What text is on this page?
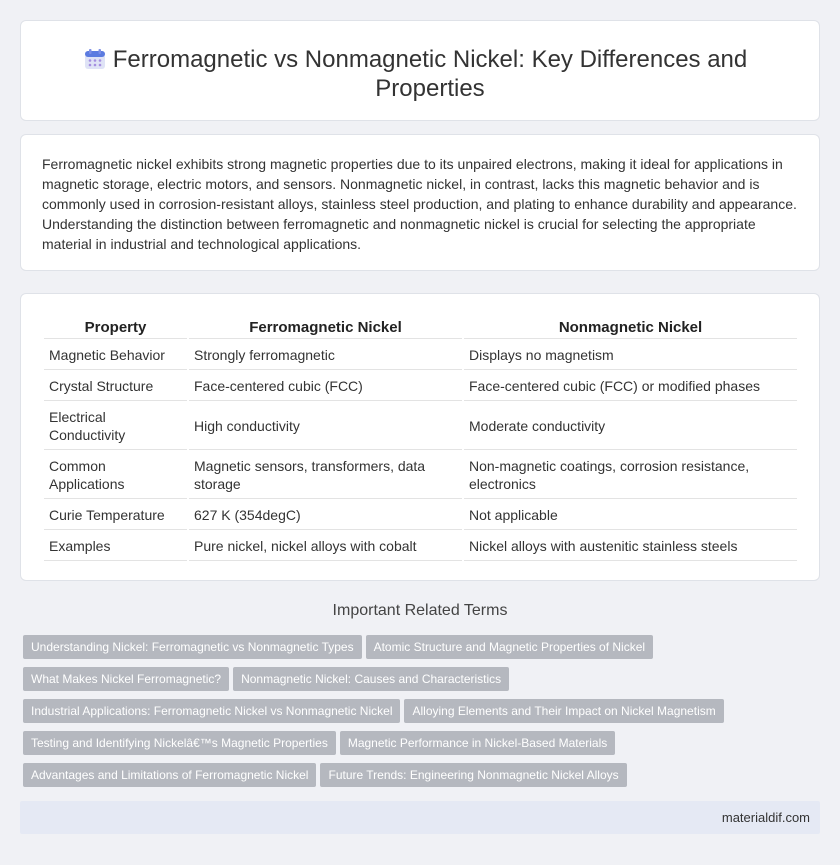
Ferromagnetic vs Nonmagnetic Nickel: Key Differences and Properties

Ferromagnetic nickel exhibits strong magnetic properties due to its unpaired electrons, making it ideal for applications in magnetic storage, electric motors, and sensors. Nonmagnetic nickel, in contrast, lacks this magnetic behavior and is commonly used in corrosion-resistant alloys, stainless steel production, and plating to enhance durability and appearance. Understanding the distinction between ferromagnetic and nonmagnetic nickel is crucial for selecting the appropriate material in industrial and technological applications.

Property	Ferromagnetic Nickel	Nonmagnetic Nickel
Magnetic Behavior	Strongly ferromagnetic	Displays no magnetism
Crystal Structure	Face-centered cubic (FCC)	Face-centered cubic (FCC) or modified phases
Electrical Conductivity	High conductivity	Moderate conductivity
Common Applications	Magnetic sensors, transformers, data storage	Non-magnetic coatings, corrosion resistance, electronics
Curie Temperature	627 K (354degC)	Not applicable
Examples	Pure nickel, nickel alloys with cobalt	Nickel alloys with austenitic stainless steels
Important Related Terms
Understanding Nickel: Ferromagnetic vs Nonmagnetic Types Atomic Structure and Magnetic Properties of Nickel
What Makes Nickel Ferromagnetic? Nonmagnetic Nickel: Causes and Characteristics
Industrial Applications: Ferromagnetic Nickel vs Nonmagnetic Nickel Alloying Elements and Their Impact on Nickel Magnetism
Testing and Identifying Nickelâ€™s Magnetic Properties Magnetic Performance in Nickel-Based Materials
Advantages and Limitations of Ferromagnetic Nickel Future Trends: Engineering Nonmagnetic Nickel Alloys
materialdif.com
